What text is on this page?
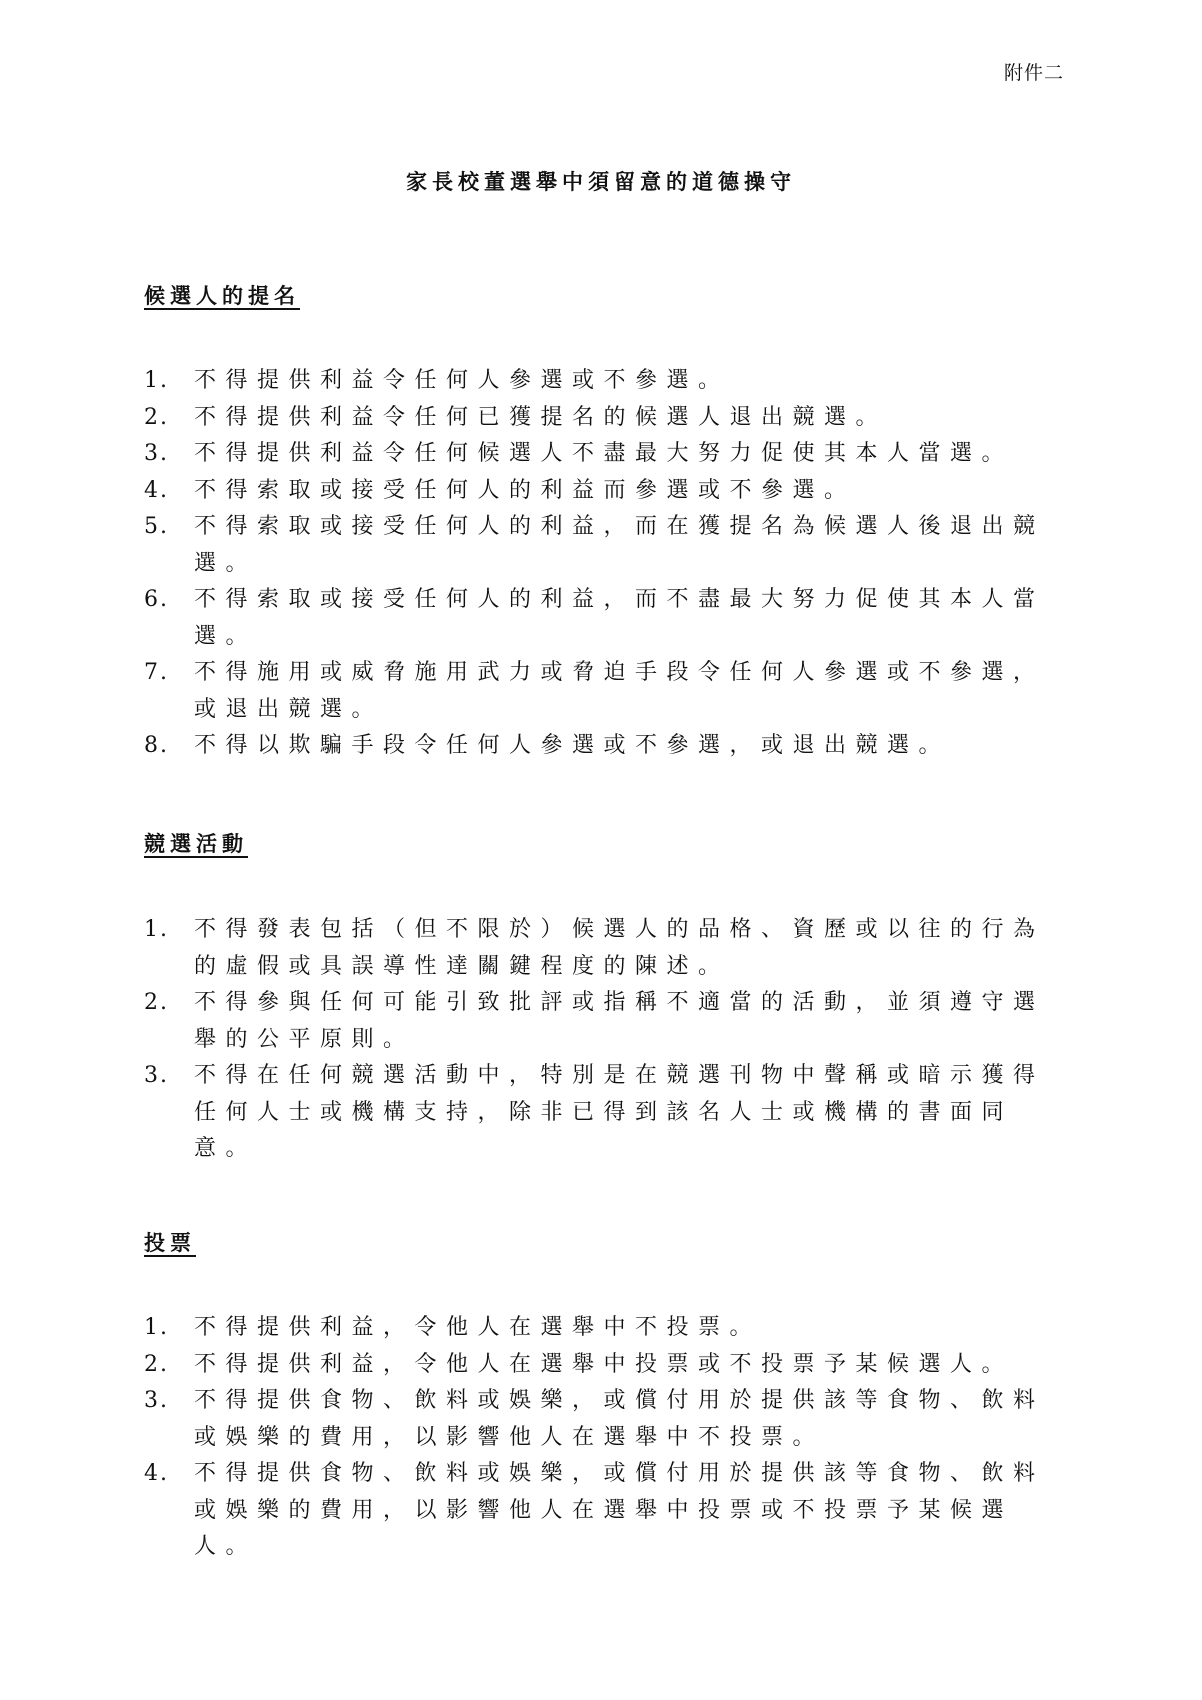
附件二
家長校董選舉中須留意的道德操守
候選人的提名
1. 不得提供利益令任何人參選或不參選。
2. 不得提供利益令任何已獲提名的候選人退出競選。
3. 不得提供利益令任何候選人不盡最大努力促使其本人當選。
4. 不得索取或接受任何人的利益而參選或不參選。
5. 不得索取或接受任何人的利益，而在獲提名為候選人後退出競選。
6. 不得索取或接受任何人的利益，而不盡最大努力促使其本人當選。
7. 不得施用或威脅施用武力或脅迫手段令任何人參選或不參選，或退出競選。
8. 不得以欺騙手段令任何人參選或不參選，或退出競選。
競選活動
1. 不得發表包括（但不限於）候選人的品格、資歷或以往的行為的虛假或具誤導性達關鍵程度的陳述。
2. 不得參與任何可能引致批評或指稱不適當的活動，並須遵守選舉的公平原則。
3. 不得在任何競選活動中，特別是在競選刊物中聲稱或暗示獲得任何人士或機構支持，除非已得到該名人士或機構的書面同意。
投票
1. 不得提供利益，令他人在選舉中不投票。
2. 不得提供利益，令他人在選舉中投票或不投票予某候選人。
3. 不得提供食物、飲料或娛樂，或償付用於提供該等食物、飲料或娛樂的費用，以影響他人在選舉中不投票。
4. 不得提供食物、飲料或娛樂，或償付用於提供該等食物、飲料或娛樂的費用，以影響他人在選舉中投票或不投票予某候選人。
